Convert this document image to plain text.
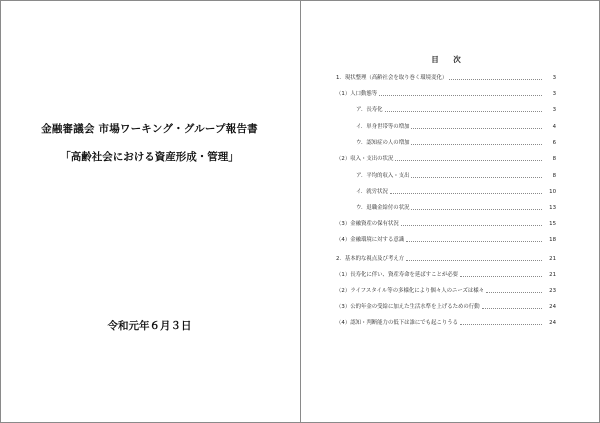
金融審議会 市場ワーキング・グループ報告書
「高齢社会における資産形成・管理」
令和元年６月３日
目 次
1．現状整理（高齢社会を取り巻く環境変化）	3
（1）人口動態等	3
ア．長寿化	3
イ．単身世帯等の増加	4
ウ．認知症の人の増加	6
（2）収入・支出の状況	8
ア．平均的収入・支出	8
イ．就労状況	10
ウ．退職金給付の状況	13
（3）金融資産の保有状況	15
（4）金融環境に対する意識	18
2．基本的な視点及び考え方	21
（1）長寿化に伴い、資産寿命を延ばすことが必要	21
（2）ライフスタイル等の多様化により個々人のニーズは様々	23
（3）公的年金の受給に加えた生活水準を上げるための行動	24
（4）認知・判断能力の低下は誰にでも起こりうる	24
